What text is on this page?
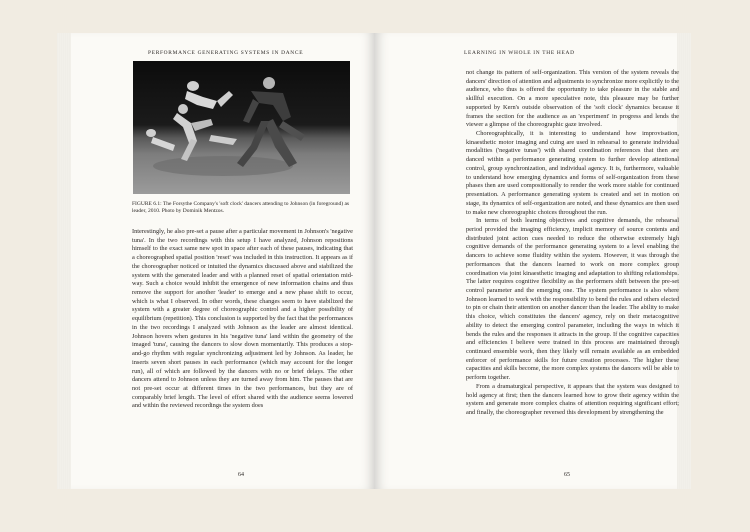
PERFORMANCE GENERATING SYSTEMS IN DANCE
FIGURE 6.1: The Forsythe Company's 'soft clock' dancers attending to Johnson (in foreground) as leader, 2010. Photo by Dominik Mentzos.

Interestingly, he also pre-set a pause after a particular movement in Johnson's 'negative tuna'. In the two recordings with this setup I have analyzed, Johnson repositions himself to the exact same new spot in space after each of these pauses, indicating that a choreographed spatial position 'reset' was included in this instruction. It appears as if the choreographer noticed or intuited the dynamics discussed above and stabilized the system with the generated leader and with a planned reset of spatial orientation mid-way. Such a choice would inhibit the emergence of new information chains and thus remove the support for another 'leader' to emerge and a new phase shift to occur, which is what I observed. In other words, these changes seem to have stabilized the system with a greater degree of choreographic control and a higher possibility of equilibrium (repetition). This conclusion is supported by the fact that the performances in the two recordings I analyzed with Johnson as the leader are almost identical. Johnson hovers when gestures in his 'negative tuna' land within the geometry of the imaged 'tuna', causing the dancers to slow down momentarily. This produces a stop-and-go rhythm with regular synchronizing adjustment led by Johnson. As leader, he inserts seven short pauses in each performance (which may account for the longer run), all of which are followed by the dancers with no or brief delays. The other dancers attend to Johnson unless they are turned away from him. The pauses that are not pre-set occur at different times in the two performances, but they are of comparably brief length. The level of effort shared with the audience seems lowered and within the reviewed recordings the system does

64
LEARNING IN WHOLE IN THE HEAD

not change its pattern of self-organization. This version of the system reveals the dancers' direction of attention and adjustments to synchronize more explicitly to the audience, who thus is offered the opportunity to take pleasure in the stable and skillful execution. On a more speculative note, this pleasure may be further supported by Kern's outside observation of the 'soft clock' dynamics because it frames the section for the audience as an 'experiment' in progress and lends the viewer a glimpse of the choreographic gaze involved.

Choreographically, it is interesting to understand how improvisation, kinaesthetic motor imaging and cuing are used in rehearsal to generate individual modalities ('negative tunas') with shared coordination references that then are danced within a performance generating system to further develop attentional control, group synchronization, and individual agency. It is, furthermore, valuable to understand how emerging dynamics and forms of self-organization from these phases then are used compositionally to render the work more stable for continued presentation. A performance generating system is created and set in motion on stage, its dynamics of self-organization are noted, and these dynamics are then used to make new choreographic choices throughout the run.

In terms of both learning objectives and cognitive demands, the rehearsal period provided the imaging efficiency, implicit memory of source contents and distributed joint action cues needed to reduce the otherwise extremely high cognitive demands of the performance generating system to a level enabling the dancers to achieve some fluidity within the system. However, it was through the performances that the dancers learned to work on more complex group coordination via joint kinaesthetic imaging and adaptation to shifting relationships. The latter requires cognitive flexibility as the performers shift between the pre-set control parameter and the emerging one. The system performance is also where Johnson learned to work with the responsibility to bend the rules and others elected to pin or chain their attention on another dancer than the leader. The ability to make this choice, which constitutes the dancers' agency, rely on their metacognitive ability to detect the emerging control parameter, including the ways in which it bends the rules and the responses it attracts in the group. If the cognitive capacities and efficiencies I believe were trained in this process are maintained through continued ensemble work, then they likely will remain available as an embedded enforcer of performance skills for future creation processes. The higher these capacities and skills become, the more complex systems the dancers will be able to perform together.

From a dramaturgical perspective, it appears that the system was designed to hold agency at first; then the dancers learned how to grow their agency within the system and generate more complex chains of attention requiring significant effort; and finally, the choreographer reversed this development by strengthening the

65
